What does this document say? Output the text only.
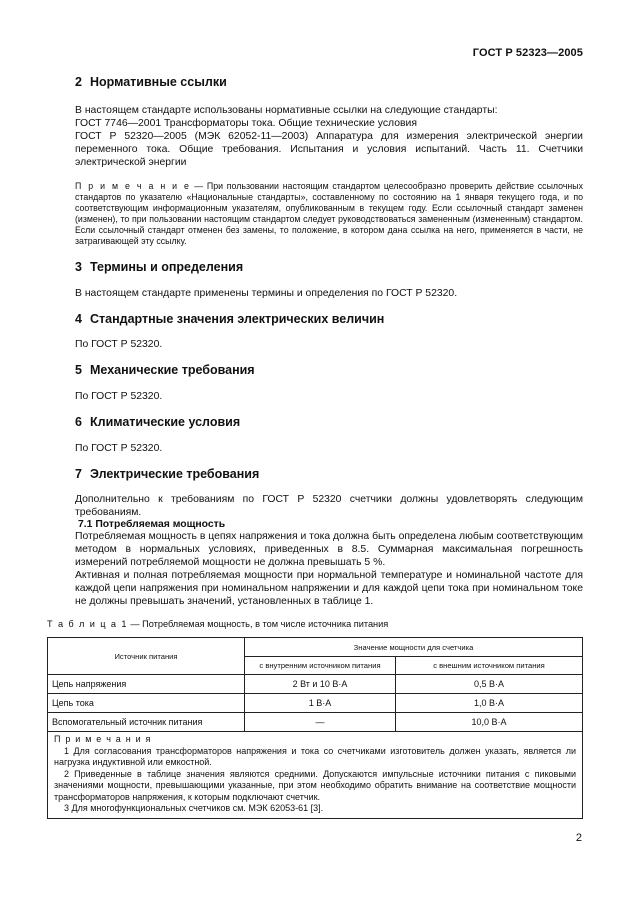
ГОСТ Р 52323—2005
2 Нормативные ссылки

В настоящем стандарте использованы нормативные ссылки на следующие стандарты:

ГОСТ 7746—2001 Трансформаторы тока. Общие технические условия

ГОСТ Р 52320—2005 (МЭК 62052-11—2003) Аппаратура для измерения электрической энергии переменного тока. Общие требования. Испытания и условия испытаний. Часть 11. Счетчики электрической энергии

П р и м е ч а н и е — При пользовании настоящим стандартом целесообразно проверить действие ссылочных стандартов по указателю «Национальные стандарты», составленному по состоянию на 1 января текущего года, и по соответствующим информационным указателям, опубликованным в текущем году. Если ссылочный стандарт заменен (изменен), то при пользовании настоящим стандартом следует руководствоваться замененным (измененным) стандартом. Если ссылочный стандарт отменен без замены, то положение, в котором дана ссылка на него, применяется в части, не затрагивающей эту ссылку.

3 Термины и определения

В настоящем стандарте применены термины и определения по ГОСТ Р 52320.

4 Стандартные значения электрических величин

По ГОСТ Р 52320.

5 Механические требования

По ГОСТ Р 52320.

6 Климатические условия

По ГОСТ Р 52320.

7 Электрические требования

Дополнительно к требованиям по ГОСТ Р 52320 счетчики должны удовлетворять следующим требованиям.

7.1 Потребляемая мощность

Потребляемая мощность в цепях напряжения и тока должна быть определена любым соответствующим методом в нормальных условиях, приведенных в 8.5. Суммарная максимальная погрешность измерений потребляемой мощности не должна превышать 5 %.

Активная и полная потребляемая мощности при нормальной температуре и номинальной частоте для каждой цепи напряжения при номинальном напряжении и для каждой цепи тока при номинальном токе не должны превышать значений, установленных в таблице 1.

Т а б л и ц а 1 — Потребляемая мощность, в том числе источника питания

Источник питания	Значение мощности для счетчика	
	с внутренним источником питания	с внешним источником питания
Цепь напряжения	2 Вт и 10 В·А	0,5 В·А
Цепь тока	1 В·А	1,0 В·А
Вспомогательный источник питания	—	10,0 В·А

П р и м е ч а н и я

1 Для согласования трансформаторов напряжения и тока со счетчиками изготовитель должен указать, является ли нагрузка индуктивной или емкостной.

2 Приведенные в таблице значения являются средними. Допускаются импульсные источники питания с пиковыми значениями мощности, превышающими указанные, при этом необходимо обратить внимание на соответствие мощности трансформаторов напряжения, к которым подключают счетчик.

3 Для многофункциональных счетчиков см. МЭК 62053-61 [3].

2
